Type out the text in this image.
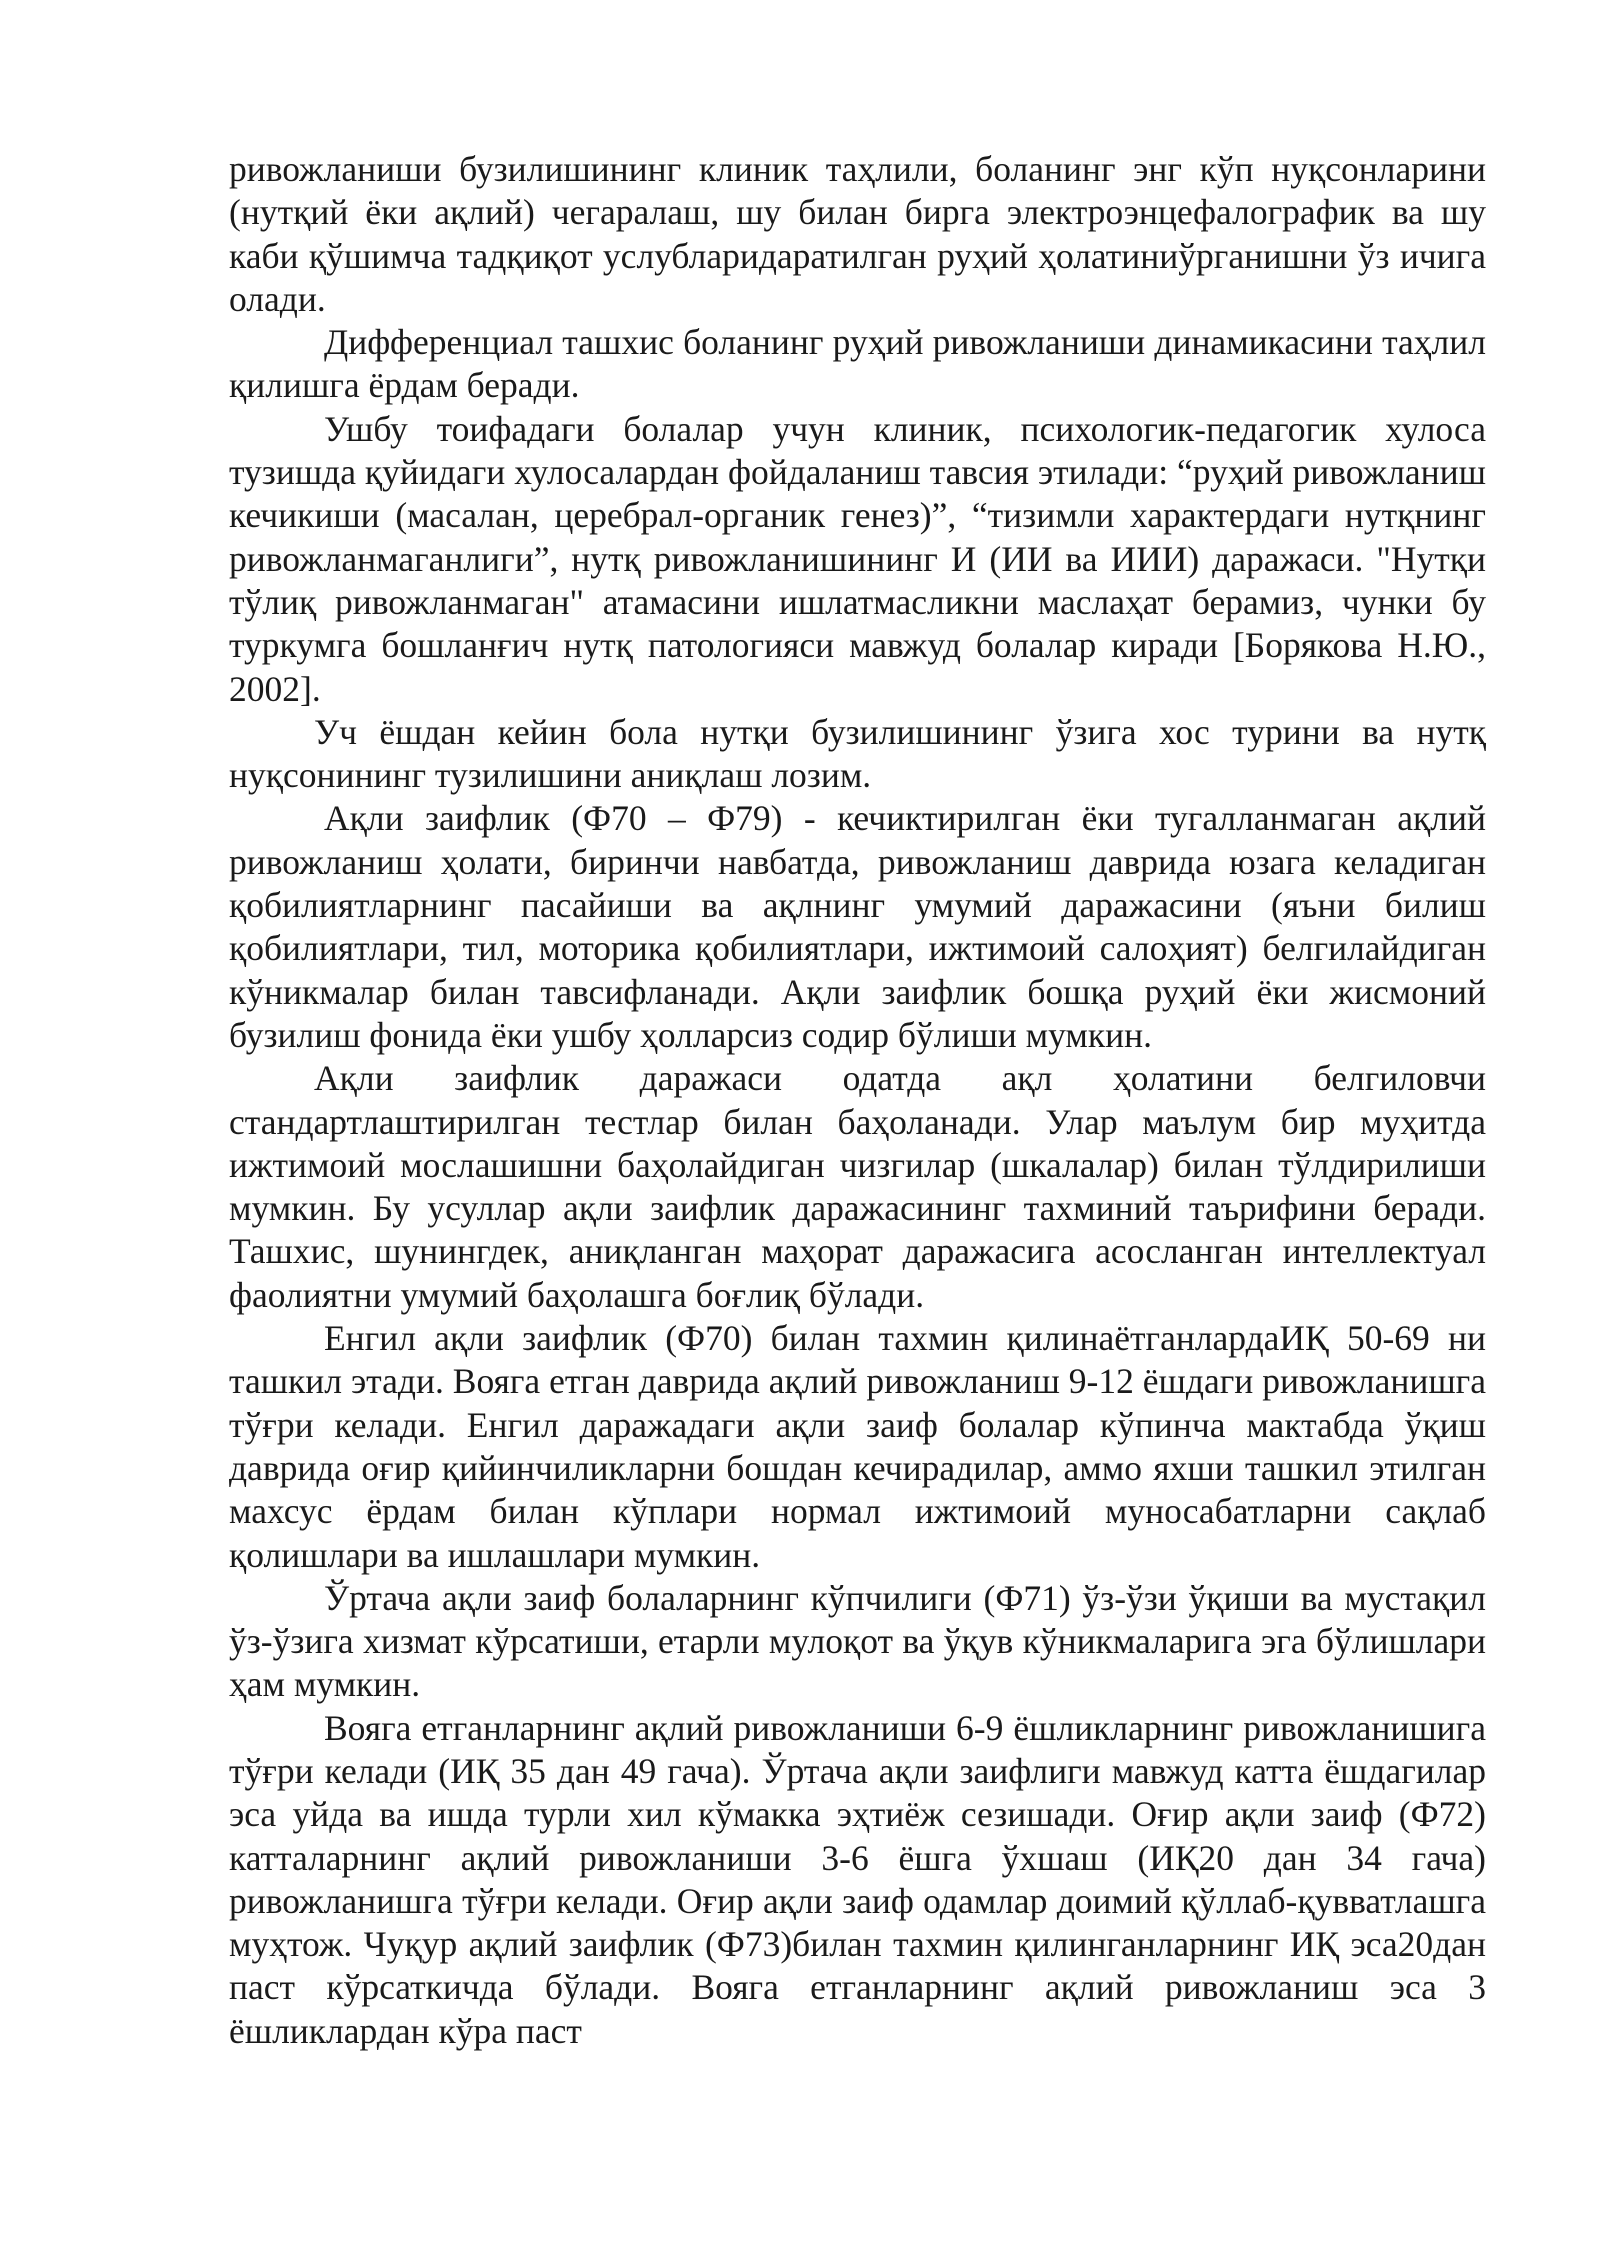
ривожланиши бузилишининг клиник таҳлили, боланинг энг кўп нуқсонларини (нутқий ёки ақлий) чегаралаш, шу билан бирга электроэнцефалографик ва шу каби қўшимча тадқиқот услубларидаратилган руҳий ҳолатиниўрганишни ўз ичига олади.

Дифференциал ташхис боланинг руҳий ривожланиши динамикасини таҳлил қилишга ёрдам беради.

Ушбу тоифадаги болалар учун клиник, психологик-педагогик хулоса тузишда қуйидаги хулосалардан фойдаланиш тавсия этилади: “руҳий ривожланиш кечикиши (масалан, церебрал-органик генез)”, “тизимли характердаги нутқнинг ривожланмаганлиги”, нутқ ривожланишининг И (ИИ ва ИИИ) даражаси. "Нутқи тўлиқ ривожланмаган" атамасини ишлатмасликни маслаҳат берамиз, чунки бу туркумга бошланғич нутқ патологияси мавжуд болалар киради [Борякова Н.Ю., 2002].

Уч ёшдан кейин бола нутқи бузилишининг ўзига хос турини ва нутқ нуқсонининг тузилишини аниқлаш лозим.

Ақли заифлик (Ф70 – Ф79) - кечиктирилган ёки тугалланмаган ақлий ривожланиш ҳолати, биринчи навбатда, ривожланиш даврида юзага келадиган қобилиятларнинг пасайиши ва ақлнинг умумий даражасини (яъни билиш қобилиятлари, тил, моторика қобилиятлари, ижтимоий салоҳият) белгилайдиган кўникмалар билан тавсифланади. Ақли заифлик бошқа руҳий ёки жисмоний бузилиш фонида ёки ушбу ҳолларсиз содир бўлиши мумкин.

Ақли заифлик даражаси одатда ақл ҳолатини белгиловчи стандартлаштирилган тестлар билан баҳоланади. Улар маълум бир муҳитда ижтимоий мослашишни баҳолайдиган чизгилар (шкалалар) билан тўлдирилиши мумкин. Бу усуллар ақли заифлик даражасининг тахминий таърифини беради. Ташхис, шунингдек, аниқланган маҳорат даражасига асосланган интеллектуал фаолиятни умумий баҳолашга боғлиқ бўлади.

Енгил ақли заифлик (Ф70) билан тахмин қилинаётганлардаИҚ 50-69 ни ташкил этади. Вояга етган даврида ақлий ривожланиш 9-12 ёшдаги ривожланишга тўғри келади. Енгил даражадаги ақли заиф болалар кўпинча мактабда ўқиш даврида оғир қийинчиликларни бошдан кечирадилар, аммо яхши ташкил этилган махсус ёрдам билан кўплари нормал ижтимоий муносабатларни сақлаб қолишлари ва ишлашлари мумкин.

Ўртача ақли заиф болаларнинг кўпчилиги (Ф71) ўз-ўзи ўқиши ва мустақил ўз-ўзига хизмат кўрсатиши, етарли мулоқот ва ўқув кўникмаларига эга бўлишлари ҳам мумкин.

Вояга етганларнинг ақлий ривожланиши 6-9 ёшликларнинг ривожланишига тўғри келади (ИҚ 35 дан 49 гача). Ўртача ақли заифлиги мавжуд катта ёшдагилар эса уйда ва ишда турли хил кўмакка эҳтиёж сезишади. Оғир ақли заиф (Ф72) катталарнинг ақлий ривожланиши 3-6 ёшга ўхшаш (ИҚ20 дан 34 гача) ривожланишга тўғри келади. Оғир ақли заиф одамлар доимий қўллаб-қувватлашга муҳтож. Чуқур ақлий заифлик (Ф73)билан тахмин қилинганларнинг ИҚ эса20дан паст кўрсаткичда бўлади. Вояга етганларнинг ақлий ривожланиш эса 3 ёшликлардан кўра паст
